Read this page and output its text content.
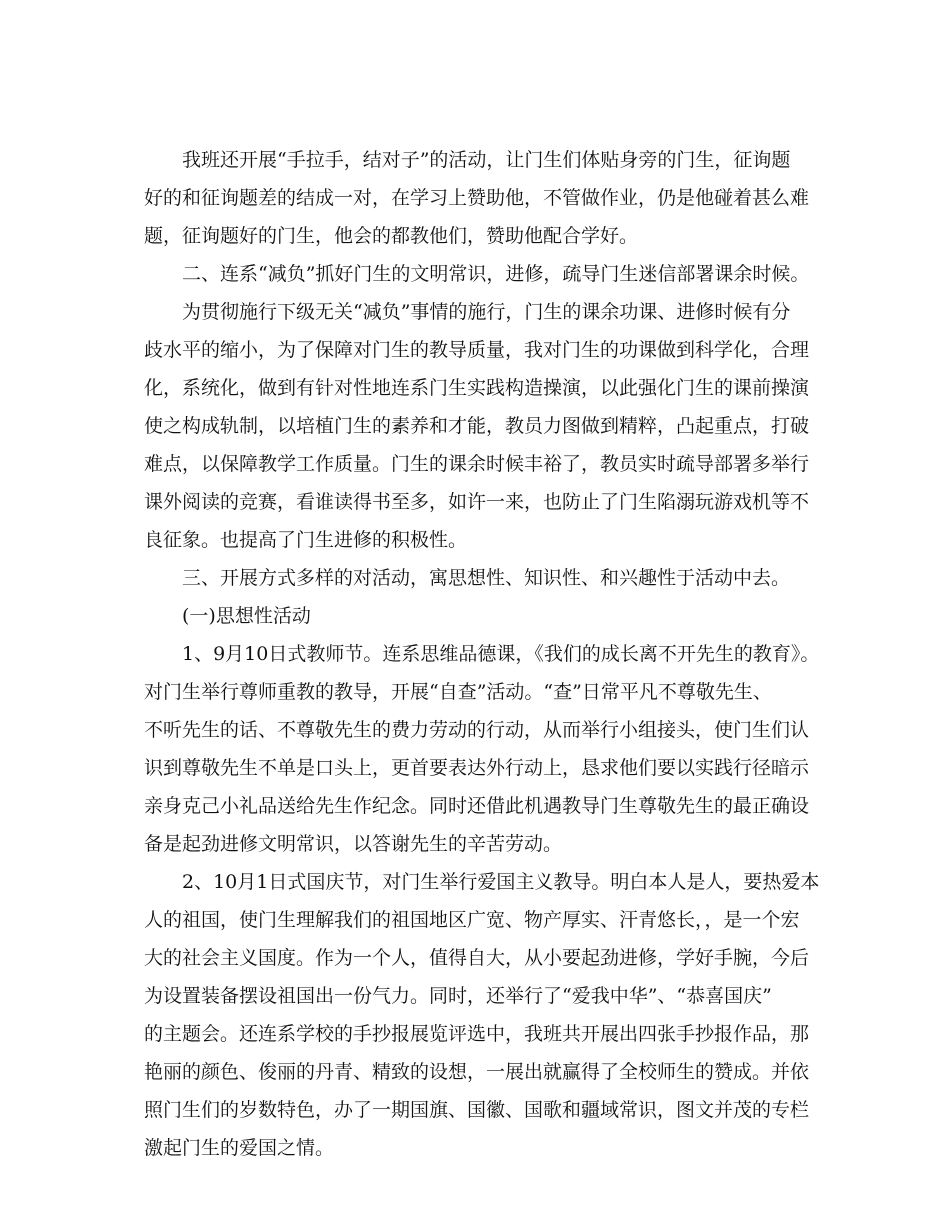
我班还开展“手拉手，结对子”的活动，让门生们体贴身旁的门生，征询题
好的和征询题差的结成一对，在学习上赞助他，不管做作业，仍是他碰着甚么难
题，征询题好的门生，他会的都教他们，赞助他配合学好。
二、连系“减负”抓好门生的文明常识，进修，疏导门生迷信部署课余时候。
为贯彻施行下级无关“减负”事情的施行，门生的课余功课、进修时候有分
歧水平的缩小，为了保障对门生的教导质量，我对门生的功课做到科学化，合理
化，系统化，做到有针对性地连系门生实践构造操演，以此强化门生的课前操演
使之构成轨制，以培植门生的素养和才能，教员力图做到精粹，凸起重点，打破
难点，以保障教学工作质量。门生的课余时候丰裕了，教员实时疏导部署多举行
课外阅读的竞赛，看谁读得书至多，如许一来，也防止了门生陷溺玩游戏机等不
良征象。也提高了门生进修的积极性。
三、开展方式多样的对活动，寓思想性、知识性、和兴趣性于活动中去。
(一)思想性活动
1、9月10日式教师节。连系思维品德课，《我们的成长离不开先生的教育》。
对门生举行尊师重教的教导，开展“自查”活动。“查”日常平凡不尊敬先生、
不听先生的话、不尊敬先生的费力劳动的行动，从而举行小组接头，使门生们认
识到尊敬先生不单是口头上，更首要表达外行动上，恳求他们要以实践行径暗示
亲身克己小礼品送给先生作纪念。同时还借此机遇教导门生尊敬先生的最正确设
备是起劲进修文明常识，以答谢先生的辛苦劳动。
2、10月1日式国庆节，对门生举行爱国主义教导。明白本人是人，要热爱本
人的祖国，使门生理解我们的祖国地区广宽、物产厚实、汗青悠长，，是一个宏
大的社会主义国度。作为一个人，值得自大，从小要起劲进修，学好手腕，今后
为设置装备摆设祖国出一份气力。同时，还举行了“爱我中华”、“恭喜国庆”
的主题会。还连系学校的手抄报展览评选中，我班共开展出四张手抄报作品，那
艳丽的颜色、俊丽的丹青、精致的设想，一展出就赢得了全校师生的赞成。并依
照门生们的岁数特色，办了一期国旗、国徽、国歌和疆域常识，图文并茂的专栏
激起门生的爱国之情。
